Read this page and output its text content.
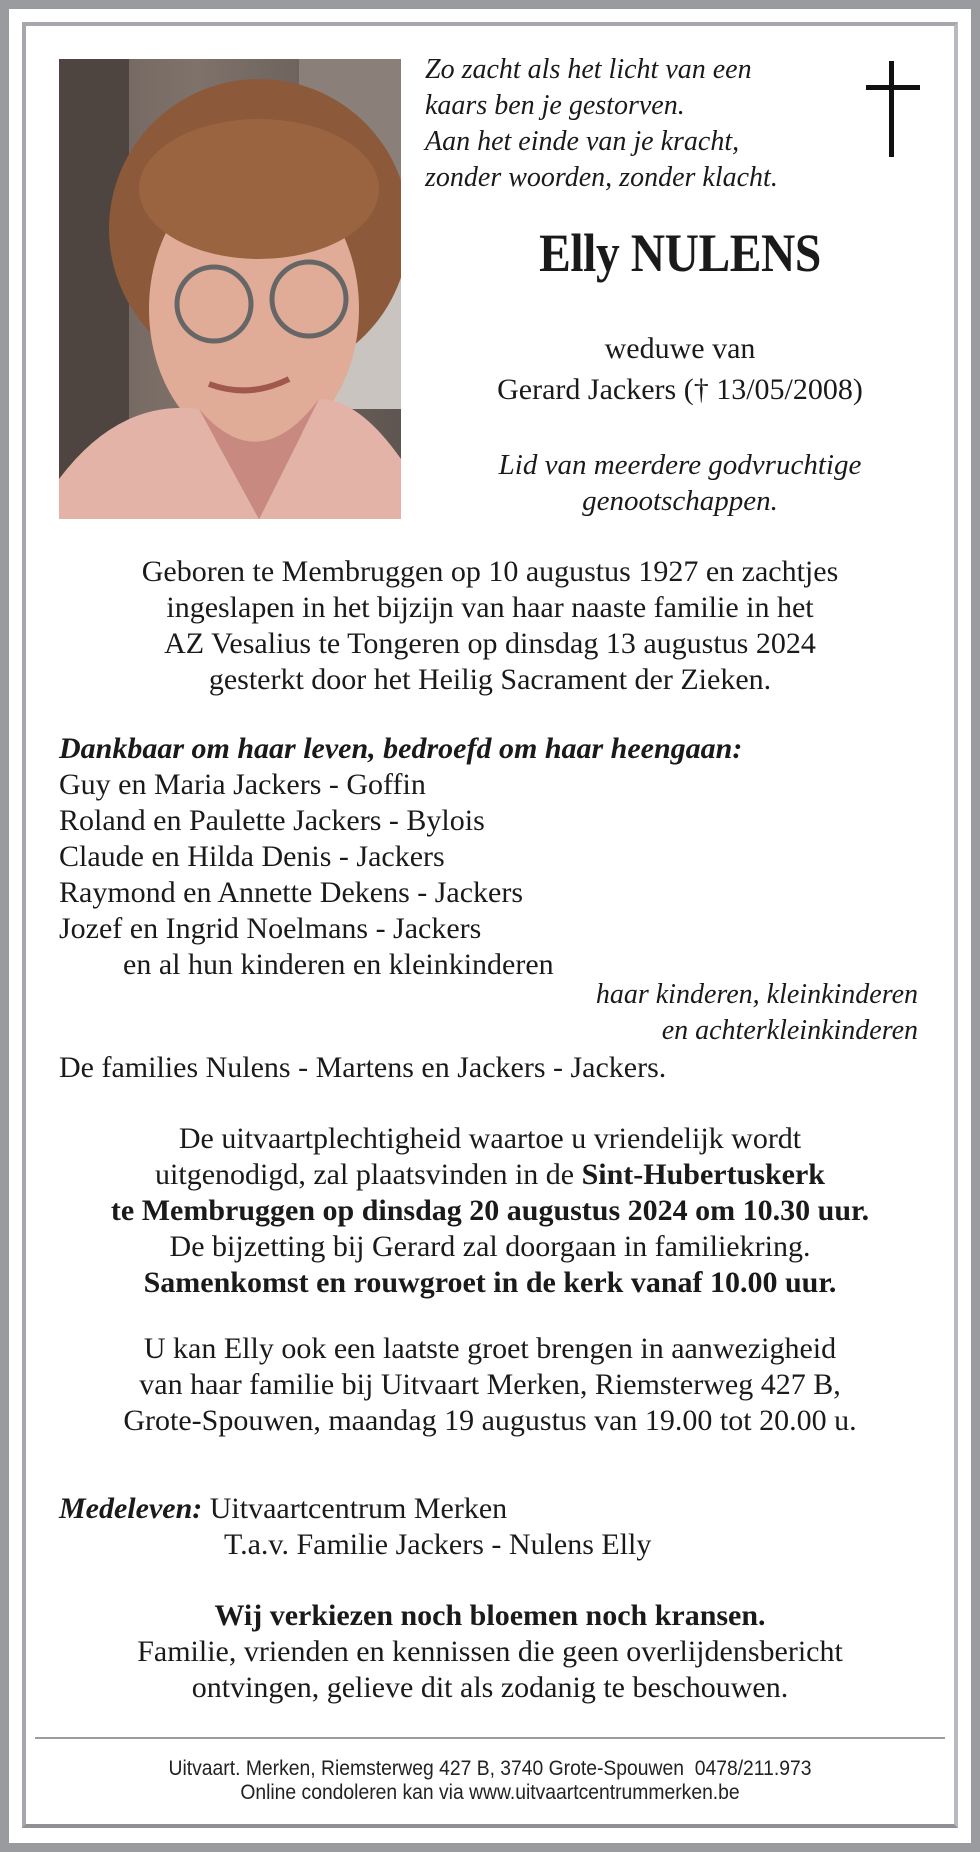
Zo zacht als het licht van een
kaars ben je gestorven.
Aan het einde van je kracht,
zonder woorden, zonder klacht.
Elly NULENS
weduwe van
Gerard Jackers († 13/05/2008)
Lid van meerdere godvruchtige
genootschappen.
Geboren te Membruggen op 10 augustus 1927 en zachtjes
ingeslapen in het bijzijn van haar naaste familie in het
AZ Vesalius te Tongeren op dinsdag 13 augustus 2024
gesterkt door het Heilig Sacrament der Zieken.
Dankbaar om haar leven, bedroefd om haar heengaan:
Guy en Maria Jackers - Goffin
Roland en Paulette Jackers - Bylois
Claude en Hilda Denis - Jackers
Raymond en Annette Dekens - Jackers
Jozef en Ingrid Noelmans - Jackers
en al hun kinderen en kleinkinderen
haar kinderen, kleinkinderen
en achterkleinkinderen
De families Nulens - Martens en Jackers - Jackers.
De uitvaartplechtigheid waartoe u vriendelijk wordt
uitgenodigd, zal plaatsvinden in de Sint-Hubertuskerk
te Membruggen op dinsdag 20 augustus 2024 om 10.30 uur.
De bijzetting bij Gerard zal doorgaan in familiekring.
Samenkomst en rouwgroet in de kerk vanaf 10.00 uur.
U kan Elly ook een laatste groet brengen in aanwezigheid
van haar familie bij Uitvaart Merken, Riemsterweg 427 B,
Grote-Spouwen, maandag 19 augustus van 19.00 tot 20.00 u.
Medeleven: Uitvaartcentrum Merken
T.a.v. Familie Jackers - Nulens Elly
Wij verkiezen noch bloemen noch kransen.
Familie, vrienden en kennissen die geen overlijdensbericht
ontvingen, gelieve dit als zodanig te beschouwen.
Uitvaart. Merken, Riemsterweg 427 B, 3740 Grote-Spouwen  0478/211.973
Online condoleren kan via www.uitvaartcentrummerken.be
